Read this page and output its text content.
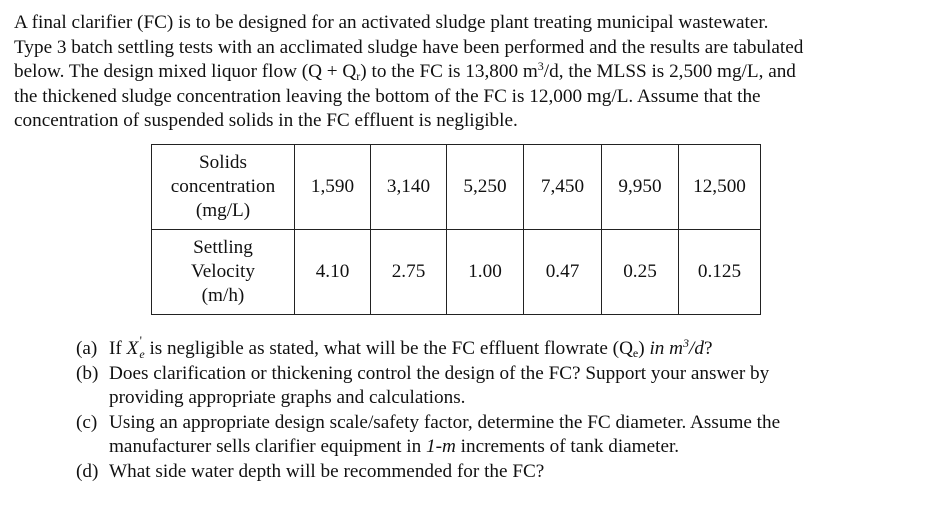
A final clarifier (FC) is to be designed for an activated sludge plant treating municipal wastewater.
Type 3 batch settling tests with an acclimated sludge have been performed and the results are tabulated
below. The design mixed liquor flow $(Q + Q_r)$ to the FC is 13,800 $m^3/d$, the MLSS is 2,500 mg/L, and
the thickened sludge concentration leaving the bottom of the FC is 12,000 mg/L. Assume that the
concentration of suspended solids in the FC effluent is negligible.
Solids
concentration
(mg/L)	1,590	3,140	5,250	7,450	9,950	12,500

Settling
Velocity
(m/h)	4.10	2.75	1.00	0.47	0.25	0.125
(a) If X '
$_e$ is negligible as stated, what will be the FC effluent flowrate $(Q_e)$ in $m^3/d$?
(b) Does clarification or thickening control the design of the FC? Support your answer by
providing appropriate graphs and calculations.
(c) Using an appropriate design scale/safety factor, determine the FC diameter. Assume the
manufacturer sells clarifier equipment in 1-m increments of tank diameter.
(d) What side water depth will be recommended for the FC?
